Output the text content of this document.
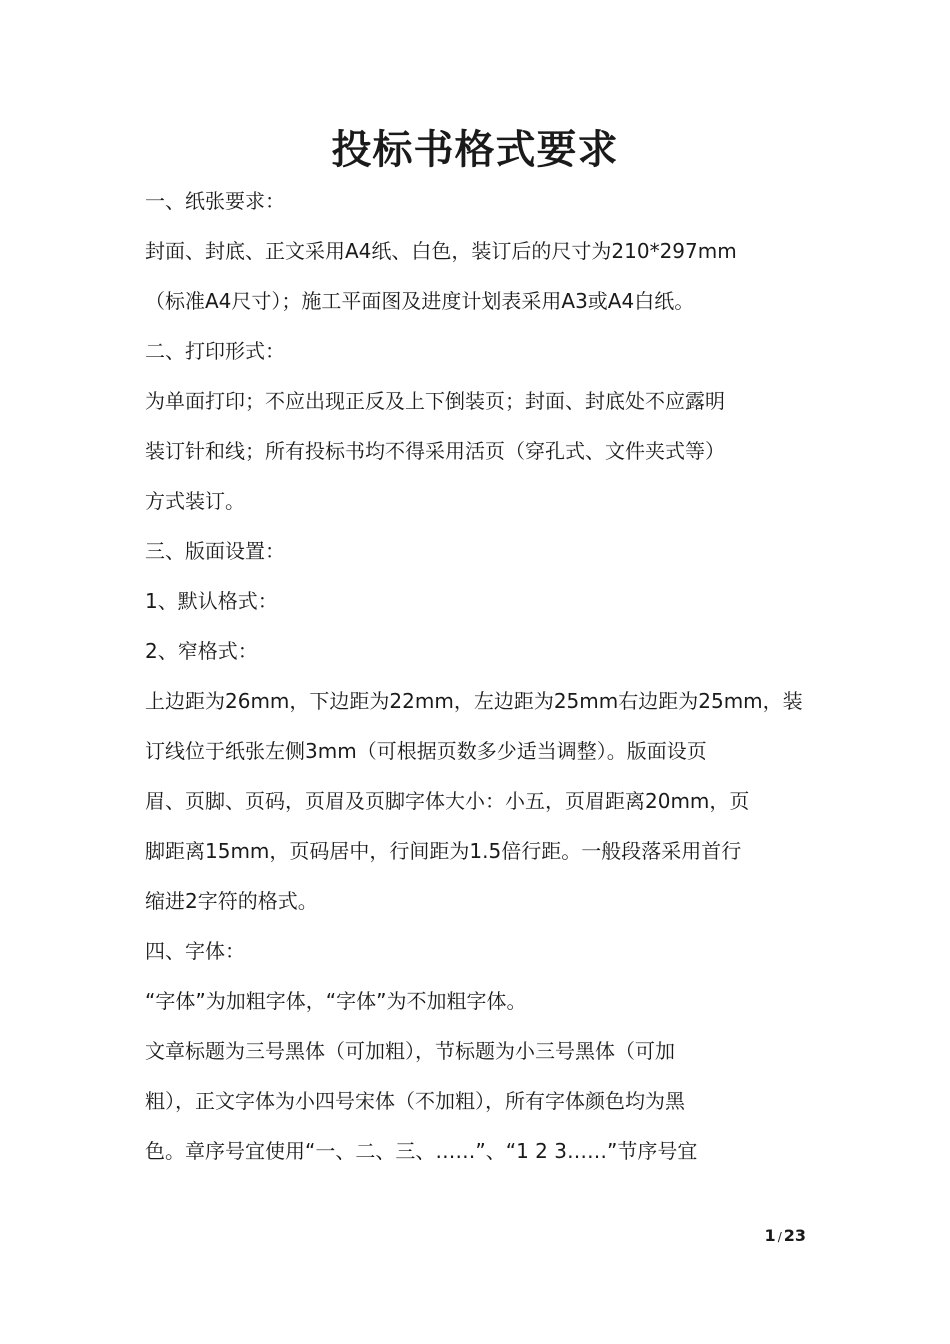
投标书格式要求

一、纸张要求：

封面、封底、正文采用A4纸、白色，装订后的尺寸为210*297mm

（标准A4尺寸）；施工平面图及进度计划表采用A3或A4白纸。

二、打印形式：

为单面打印；不应出现正反及上下倒装页；封面、封底处不应露明

装订针和线；所有投标书均不得采用活页（穿孔式、文件夹式等）

方式装订。

三、版面设置：

1、默认格式：

2、窄格式：

上边距为26mm，下边距为22mm，左边距为25mm右边距为25mm，装

订线位于纸张左侧3mm（可根据页数多少适当调整）。版面设页

眉、页脚、页码，页眉及页脚字体大小：小五，页眉距离20mm，页

脚距离15mm，页码居中，行间距为1.5倍行距。一般段落采用首行

缩进2字符的格式。

四、字体：

“字体”为加粗字体，“字体”为不加粗字体。

文章标题为三号黑体（可加粗），节标题为小三号黑体（可加

粗），正文字体为小四号宋体（不加粗），所有字体颜色均为黑

色。章序号宜使用“一、二、三、……”、“1 2 3……”节序号宜

1 / 23
